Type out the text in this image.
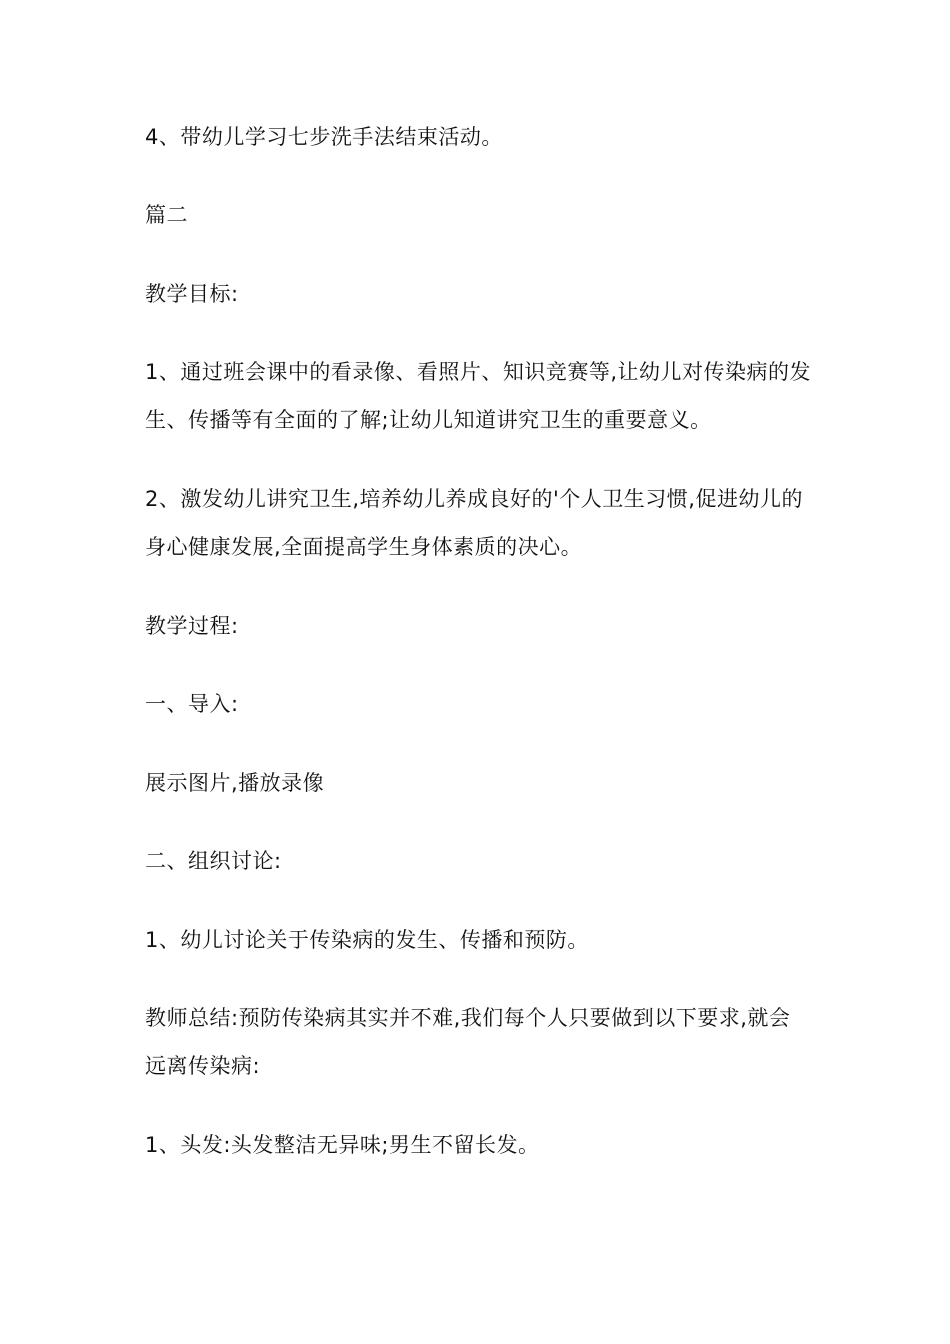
4、带幼儿学习七步洗手法结束活动。
篇二
教学目标:
1、通过班会课中的看录像、看照片、知识竞赛等,让幼儿对传染病的发
生、传播等有全面的了解;让幼儿知道讲究卫生的重要意义。
2、激发幼儿讲究卫生,培养幼儿养成良好的'个人卫生习惯,促进幼儿的
身心健康发展,全面提高学生身体素质的决心。
教学过程:
一、导入:
展示图片,播放录像
二、组织讨论:
1、幼儿讨论关于传染病的发生、传播和预防。
教师总结:预防传染病其实并不难,我们每个人只要做到以下要求,就会
远离传染病:
1、头发:头发整洁无异味;男生不留长发。
